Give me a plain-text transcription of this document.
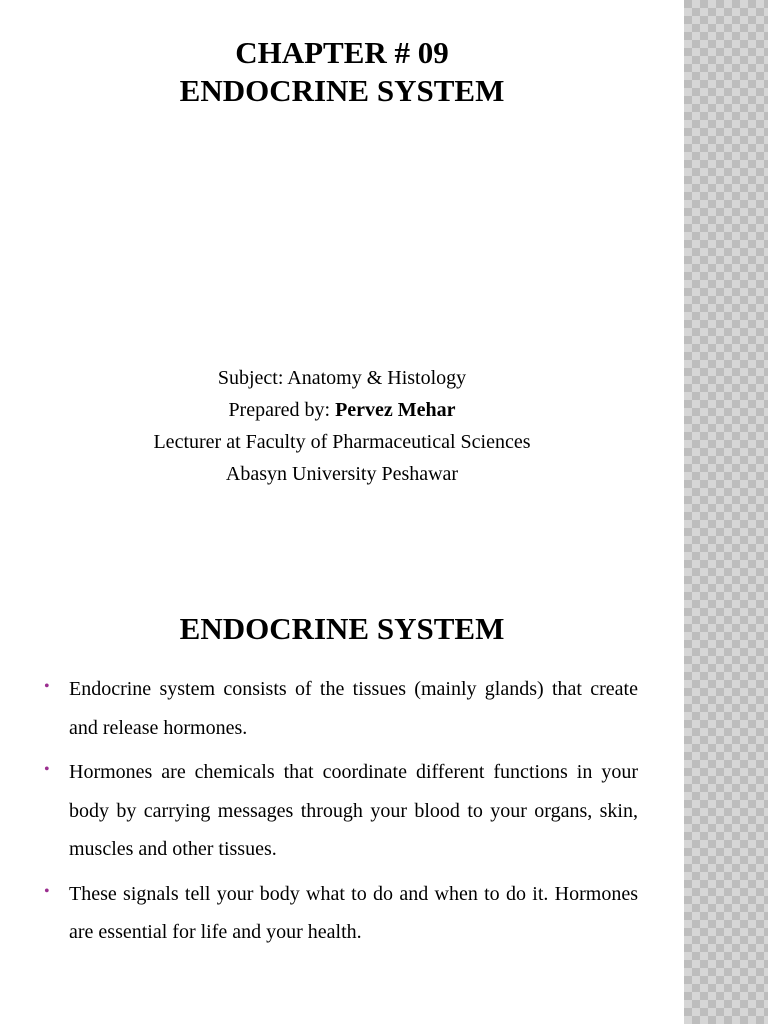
CHAPTER # 09
ENDOCRINE SYSTEM
Subject: Anatomy & Histology
Prepared by: Pervez Mehar
Lecturer at Faculty of Pharmaceutical Sciences
Abasyn University Peshawar
ENDOCRINE SYSTEM
• Endocrine system consists of the tissues (mainly glands) that create and release hormones.
• Hormones are chemicals that coordinate different functions in your body by carrying messages through your blood to your organs, skin, muscles and other tissues.
• These signals tell your body what to do and when to do it. Hormones are essential for life and your health.
